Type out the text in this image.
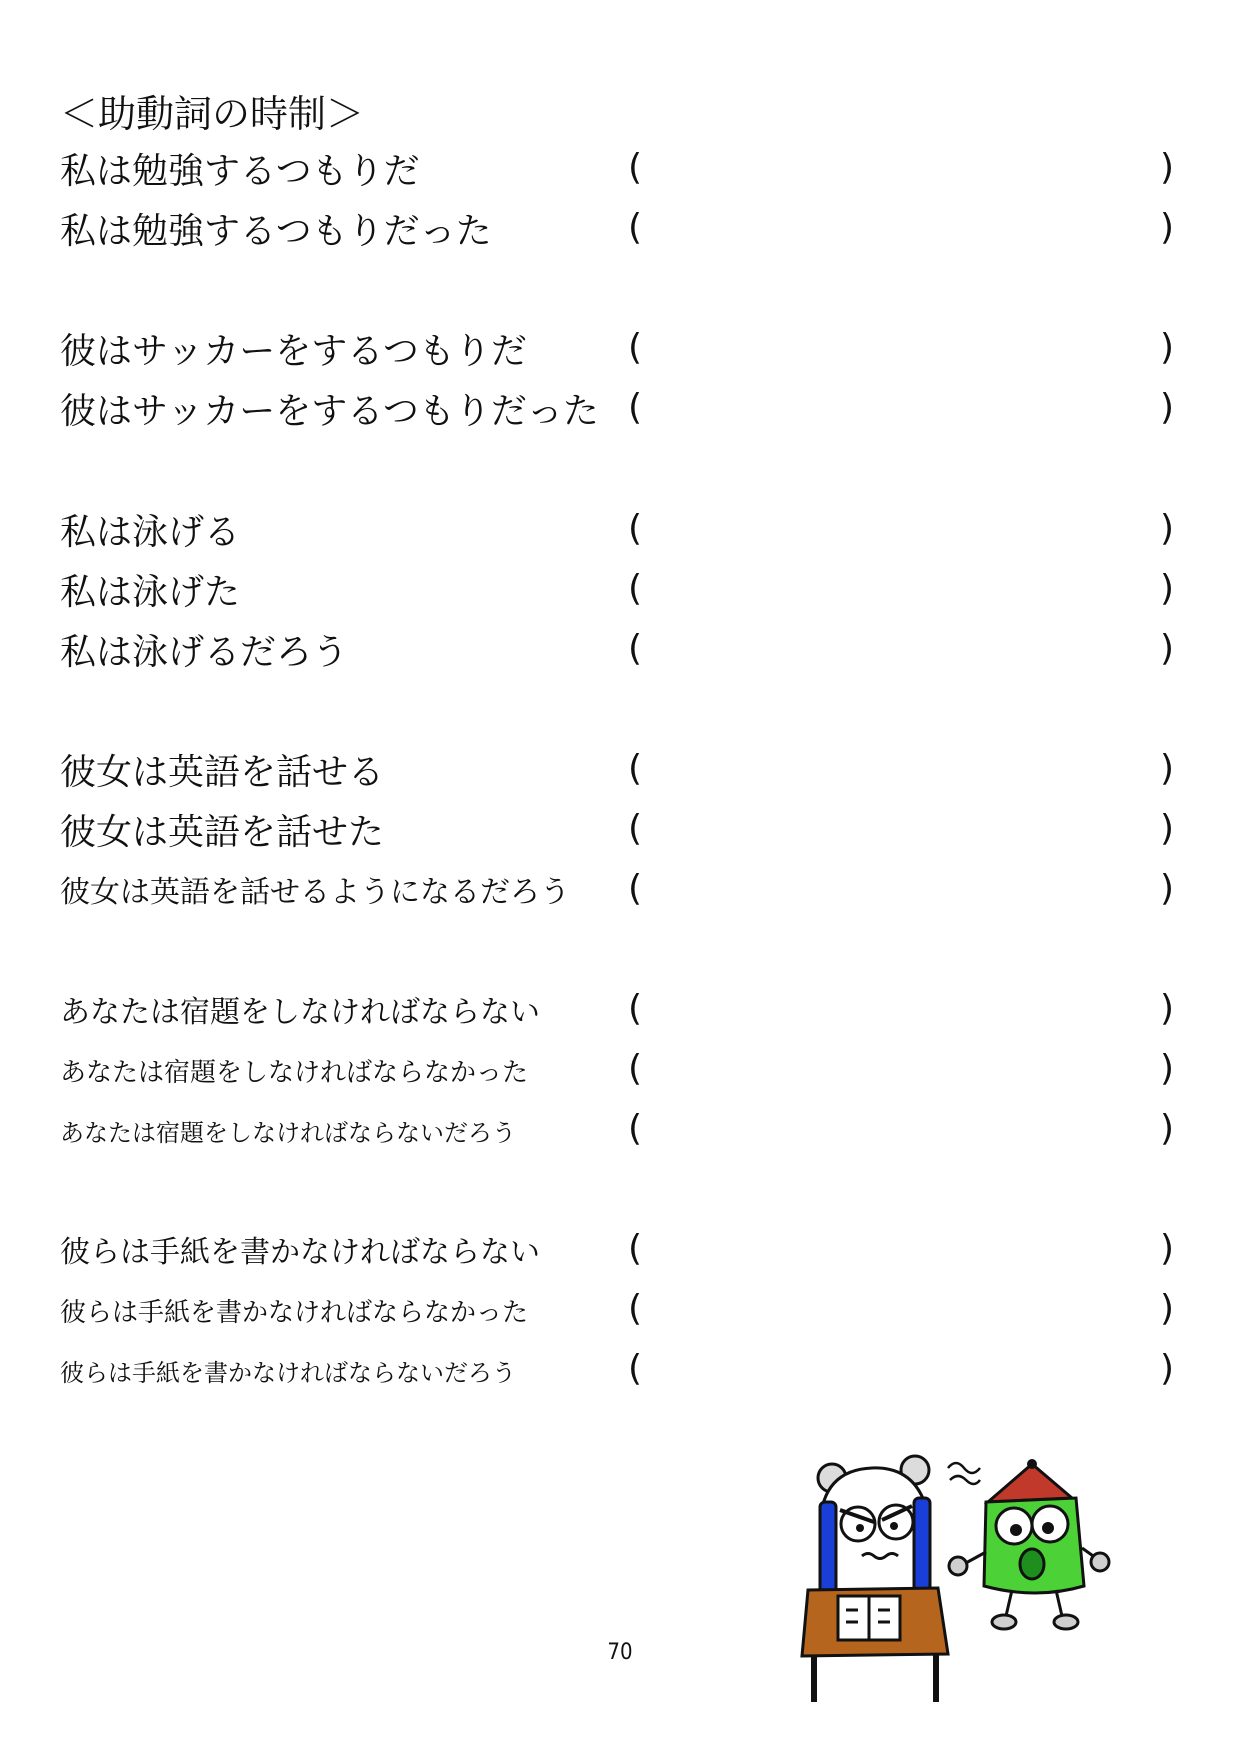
＜助動詞の時制＞
私は勉強するつもりだ	(	)
私は勉強するつもりだった	(	)
彼はサッカーをするつもりだ	(	)
彼はサッカーをするつもりだった (	)
私は泳げる	(	)
私は泳げた	(	)
私は泳げるだろう	(	)
彼女は英語を話せる	(	)
彼女は英語を話せた	(	)
彼女は英語を話せるようになるだろう (	)
あなたは宿題をしなければならない (	)
あなたは宿題をしなければならなかった	(	)
あなたは宿題をしなければならないだろう	(	)
彼らは手紙を書かなければならない (	)
彼らは手紙を書かなければならなかった	(	)
彼らは手紙を書かなければならないだろう	(	)
70
